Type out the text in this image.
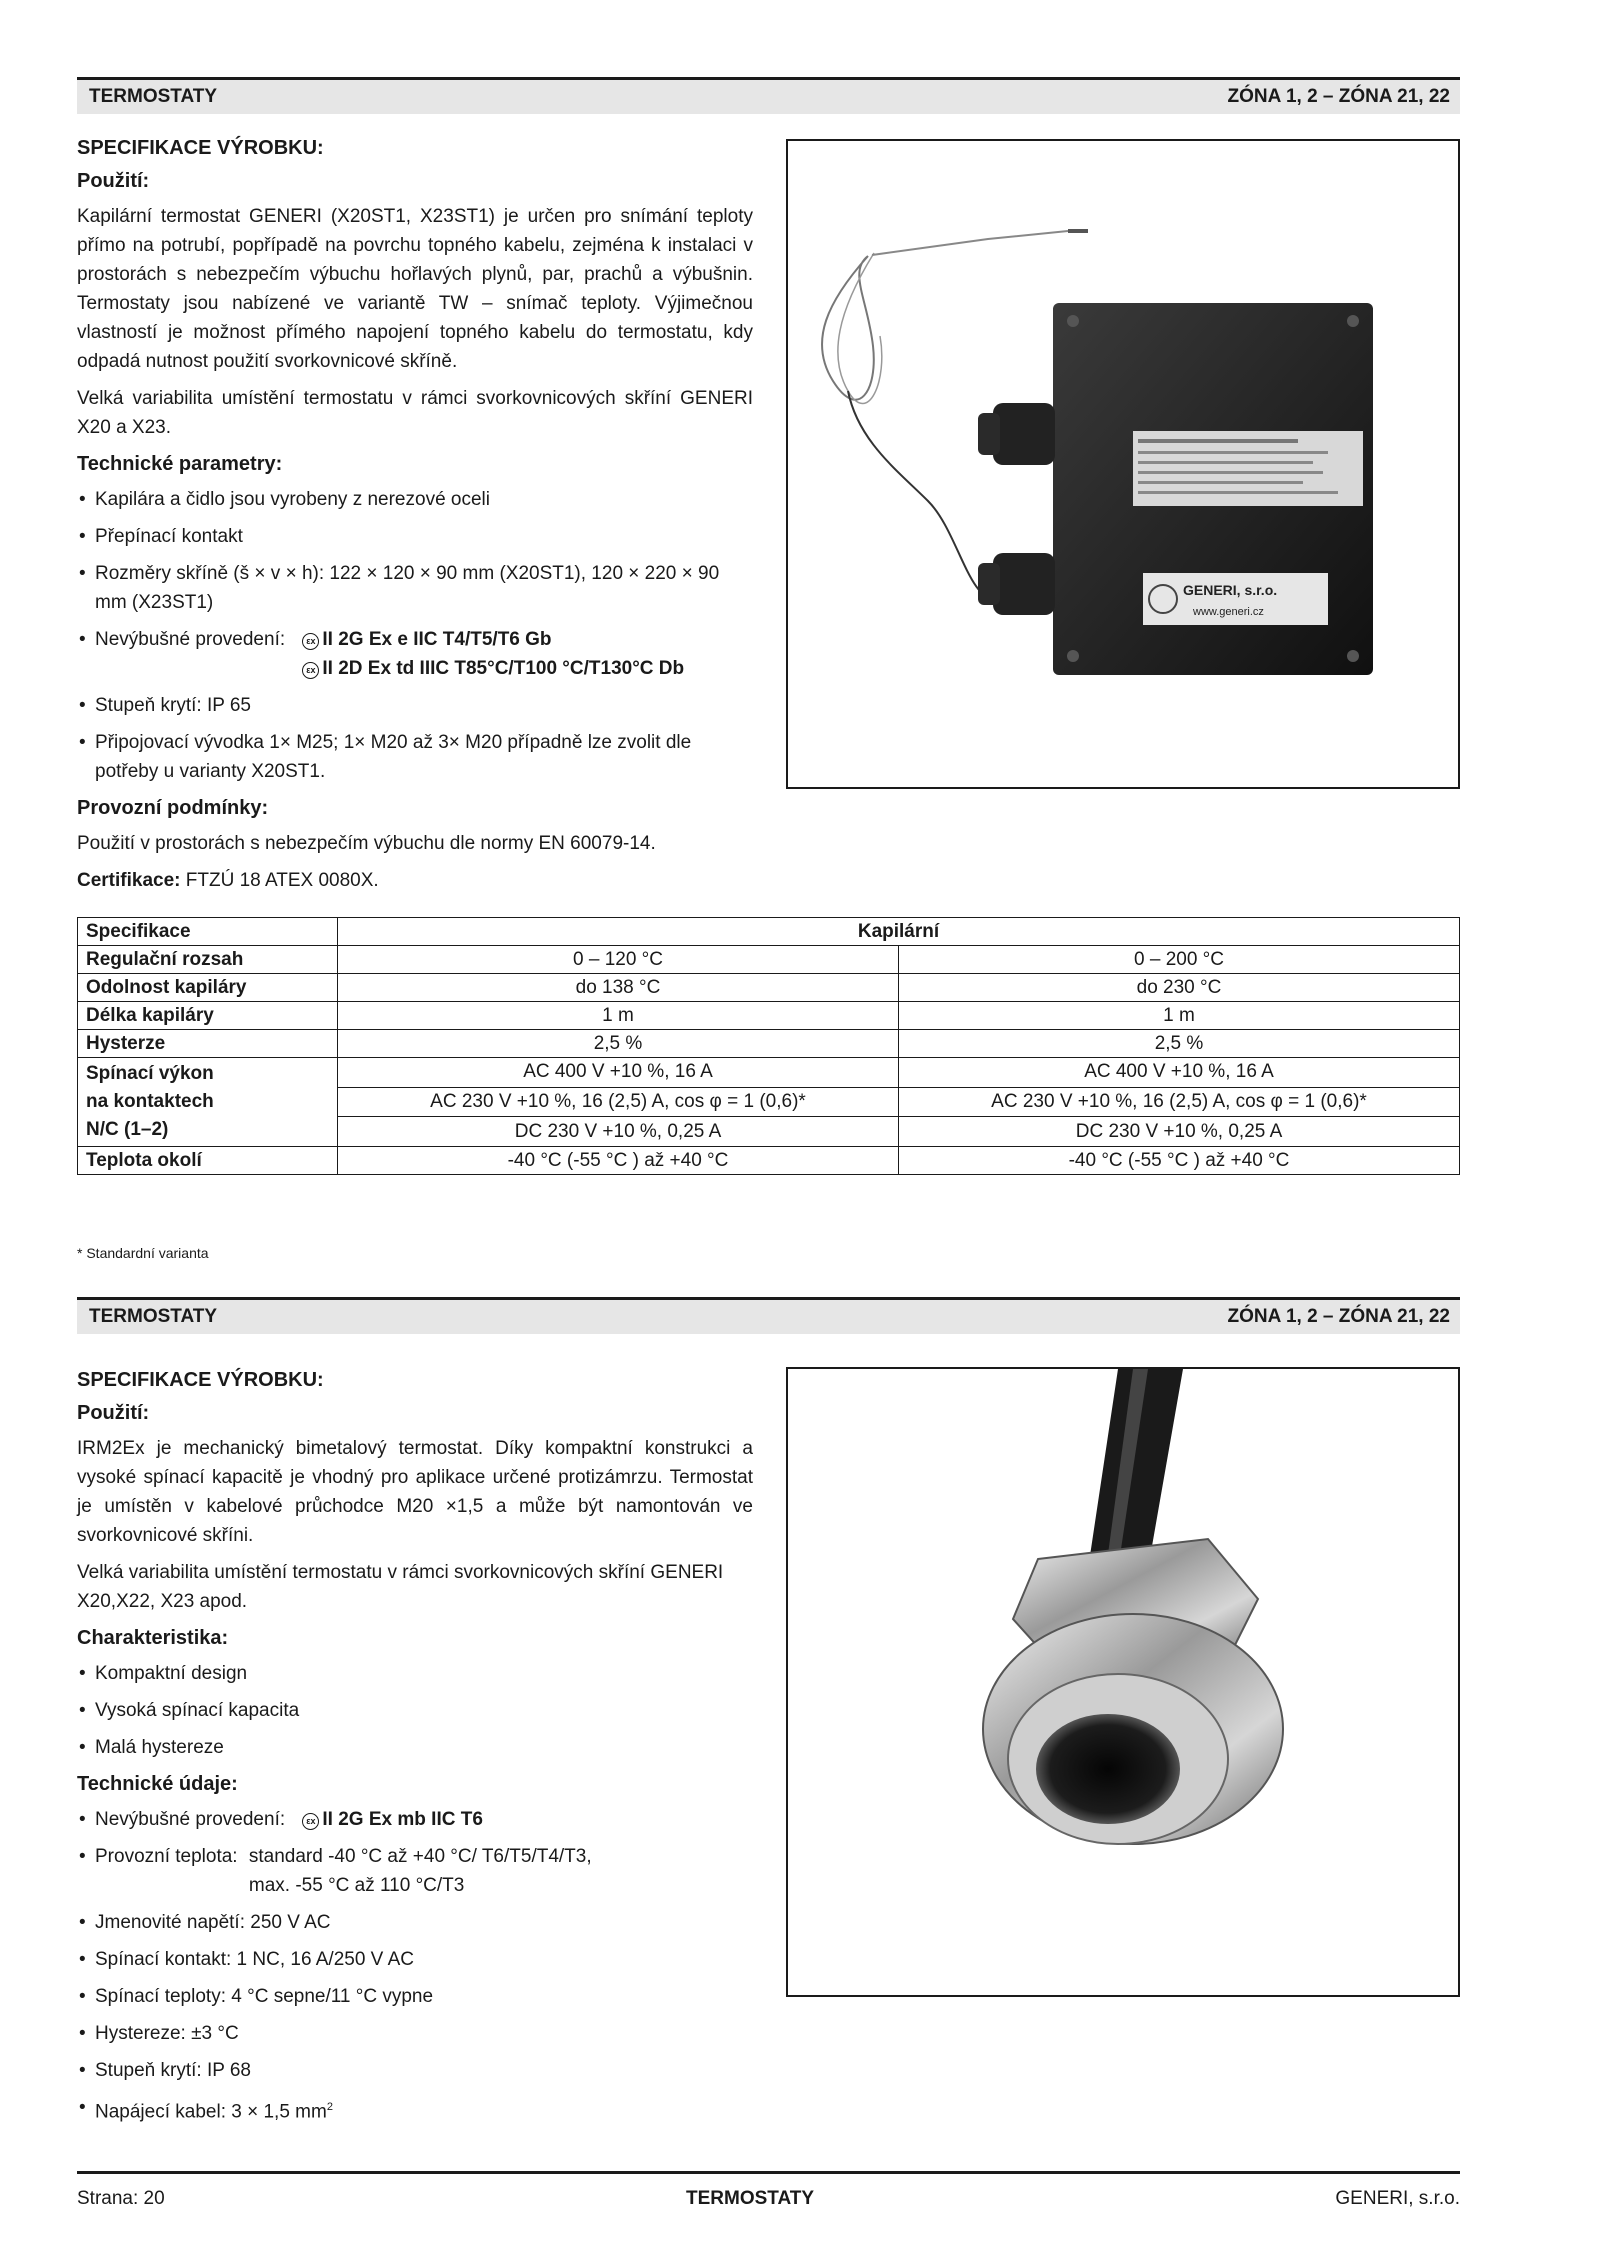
TERMOSTATY	ZÓNA 1, 2 – ZÓNA 21, 22
SPECIFIKACE VÝROBKU:
Použití:

Kapilární termostat GENERI (X20ST1, X23ST1) je určen pro snímání teploty přímo na potrubí, popřípadě na povrchu topného kabelu, zejména k instalaci v prostorách s nebezpečím výbuchu hořlavých plynů, par, prachů a výbušnin. Termostaty jsou nabízené ve variantě TW – snímač teploty. Výjimečnou vlastností je možnost přímého napojení topného kabelu do termostatu, kdy odpadá nutnost použití svorkovnicové skříně.

Velká variabilita umístění termostatu v rámci svorkovnicových skříní GENERI X20 a X23.

Technické parametry:
• Kapilára a čidlo jsou vyrobeny z nerezové oceli
• Přepínací kontakt
• Rozměry skříně (š × v × h): 122 × 120 × 90 mm (X20ST1), 120 × 220 × 90 mm (X23ST1)
• Nevýbušné provedení: εx II 2G Ex e IIC T4/T5/T6 Gb
εx II 2D Ex td IIIC T85°C/T100 °C/T130°C Db
• Stupeň krytí: IP 65
• Připojovací vývodka 1× M25; 1× M20 až 3× M20 případně lze zvolit dle potřeby u varianty X20ST1.
Provozní podmínky:

Použití v prostorách s nebezpečím výbuchu dle normy EN 60079-14.

Certifikace: FTZÚ 18 ATEX 0080X.

GENERI, s.r.o.
www.generi.cz
Specifikace	Kapilární	
Regulační rozsah	0 – 120 °C	0 – 200 °C
Odolnost kapiláry	do 138 °C	do 230 °C
Délka kapiláry	1 m	1 m
Hysterze	2,5 %	2,5 %
Spínací výkon
na kontaktech
N/C (1–2)	AC 400 V +10 %, 16 A	AC 400 V +10 %, 16 A
	AC 230 V +10 %, 16 (2,5) A, cos φ = 1 (0,6)*	AC 230 V +10 %, 16 (2,5) A, cos φ = 1 (0,6)*
	DC 230 V +10 %, 0,25 A	DC 230 V +10 %, 0,25 A
Teplota okolí	-40 °C (-55 °C ) až +40 °C	-40 °C (-55 °C ) až +40 °C
* Standardní varianta
TERMOSTATY	ZÓNA 1, 2 – ZÓNA 21, 22
SPECIFIKACE VÝROBKU:
Použití:

IRM2Ex je mechanický bimetalový termostat. Díky kompaktní konstrukci a vysoké spínací kapacitě je vhodný pro aplikace určené protizámrzu. Termostat je umístěn v kabelové průchodce M20 ×1,5 a může být namontován ve svorkovnicové skříni.

Velká variabilita umístění termostatu v rámci svorkovnicových skříní GENERI X20,X22, X23 apod.

Charakteristika:
• Kompaktní design
• Vysoká spínací kapacita
• Malá hystereze
Technické údaje:
• Nevýbušné provedení: εx II 2G Ex mb IIC T6
• Provozní teplota: standard -40 °C až +40 °C/ T6/T5/T4/T3,
max. -55 °C až 110 °C/T3
• Jmenovité napětí: 250 V AC
• Spínací kontakt: 1 NC, 16 A/250 V AC
• Spínací teploty: 4 °C sepne/11 °C vypne
• Hystereze: ±3 °C
• Stupeň krytí: IP 68
• Napájecí kabel: 3 × 1,5 $mm^2$
Strana: 20	TERMOSTATY	GENERI, s.r.o.
